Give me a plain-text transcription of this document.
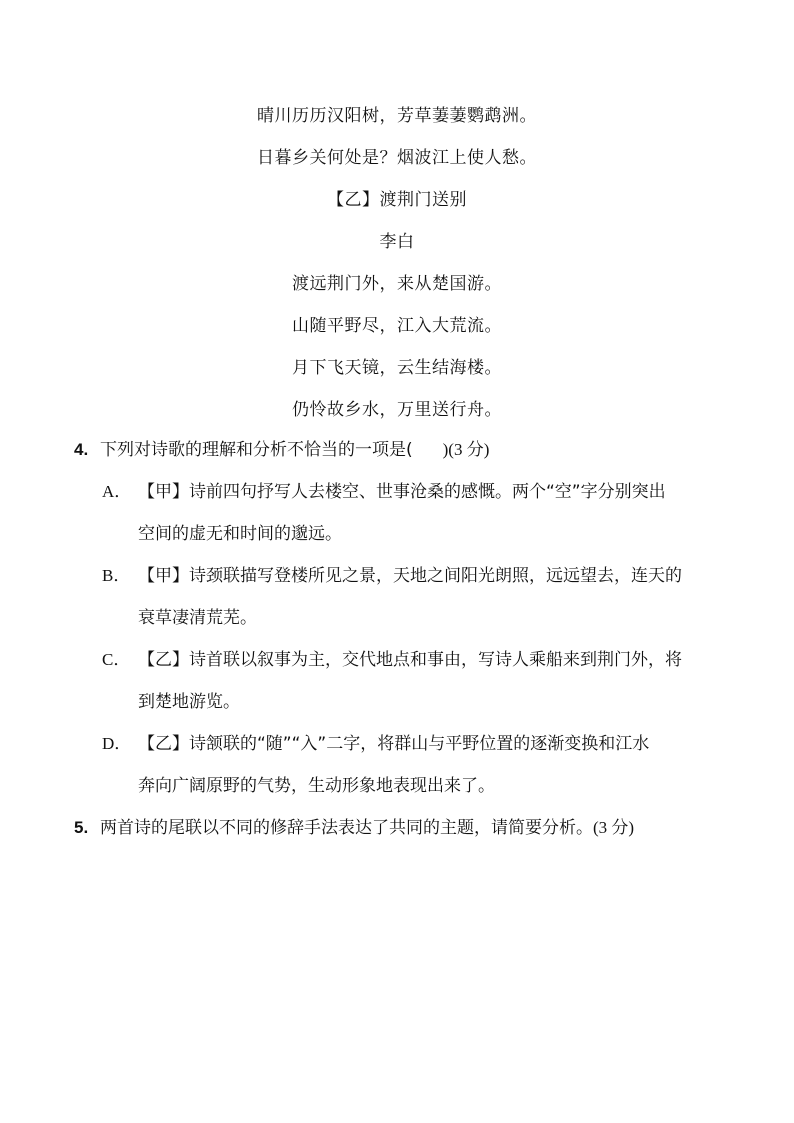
晴川历历汉阳树，芳草萋萋鹦鹉洲。
日暮乡关何处是？烟波江上使人愁。
【乙】渡荆门送别
李白
渡远荆门外，来从楚国游。
山随平野尽，江入大荒流。
月下飞天镜，云生结海楼。
仍怜故乡水，万里送行舟。
4. 下列对诗歌的理解和分析不恰当的一项是( )(3 分)
A． 【甲】诗前四句抒写人去楼空、世事沧桑的感慨。两个“空”字分别突出
空间的虚无和时间的邈远。
B． 【甲】诗颈联描写登楼所见之景，天地之间阳光朗照，远远望去，连天的
衰草凄清荒芜。
C． 【乙】诗首联以叙事为主，交代地点和事由，写诗人乘船来到荆门外，将
到楚地游览。
D． 【乙】诗颔联的“随”“入”二字，将群山与平野位置的逐渐变换和江水
奔向广阔原野的气势，生动形象地表现出来了。
5. 两首诗的尾联以不同的修辞手法表达了共同的主题，请简要分析。(3 分)
